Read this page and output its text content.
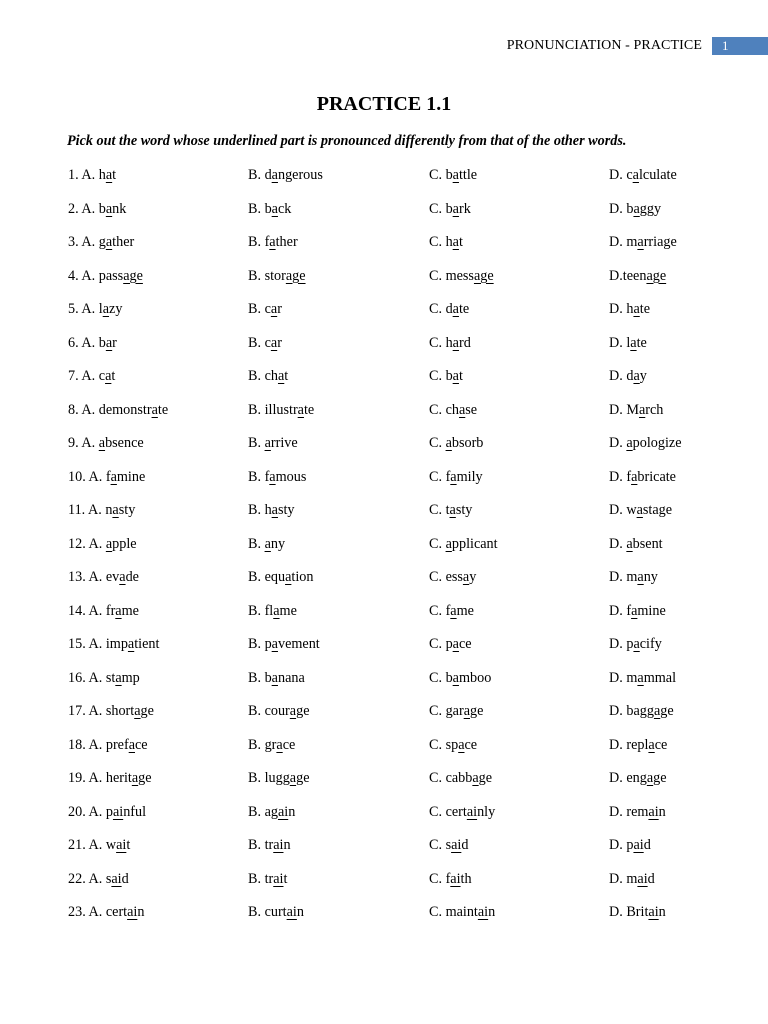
PRONUNCIATION - PRACTICE	1
PRACTICE 1.1
Pick out the word whose underlined part is pronounced differently from that of the other words.
1. A. hat	B. dangerous	C. battle	D. calculate
2. A. bank	B. back	C. bark	D. baggy
3. A. gather	B. father	C. hat	D. marriage
4. A. passage	B. storage	C. message	D.teenage
5. A. lazy	B. car	C. date	D. hate
6. A. bar	B. car	C. hard	D. late
7. A. cat	B. chat	C. bat	D. day
8. A. demonstrate	B. illustrate	C. chase	D. March
9. A. absence	B. arrive	C. absorb	D. apologize
10. A. famine	B. famous	C. family	D. fabricate
11. A. nasty	B. hasty	C. tasty	D. wastage
12. A. apple	B. any	C. applicant	D. absent
13. A. evade	B. equation	C. essay	D. many
14. A. frame	B. flame	C. fame	D. famine
15. A. impatient	B. pavement	C. pace	D. pacify
16. A. stamp	B. banana	C. bamboo	D. mammal
17. A. shortage	B. courage	C. garage	D. baggage
18. A. preface	B. grace	C. space	D. replace
19. A. heritage	B. luggage	C. cabbage	D. engage
20. A. painful	B. again	C. certainly	D. remain
21. A. wait	B. train	C. said	D. paid
22. A. said	B. trait	C. faith	D. maid
23. A. certain	B. curtain	C. maintain	D. Britain
